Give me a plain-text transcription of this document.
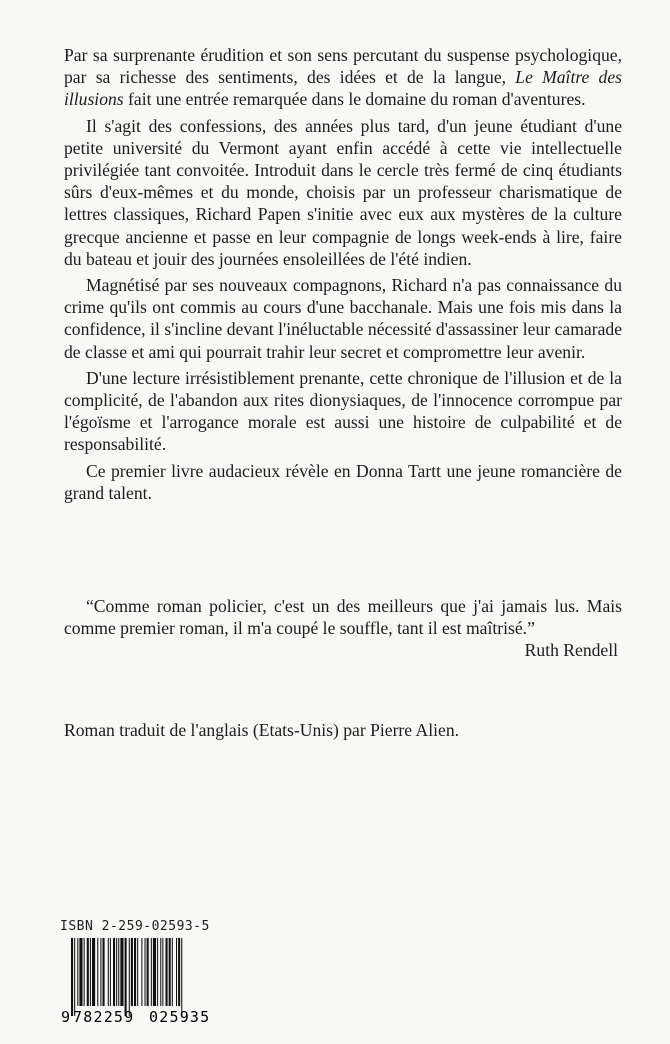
Par sa surprenante érudition et son sens percutant du suspense psychologique, par sa richesse des sentiments, des idées et de la langue, Le Maître des illusions fait une entrée remarquée dans le domaine du roman d'aventures.

Il s'agit des confessions, des années plus tard, d'un jeune étudiant d'une petite université du Vermont ayant enfin accédé à cette vie intellectuelle privilégiée tant convoitée. Introduit dans le cercle très fermé de cinq étudiants sûrs d'eux-mêmes et du monde, choisis par un professeur charismatique de lettres classiques, Richard Papen s'initie avec eux aux mystères de la culture grecque ancienne et passe en leur compagnie de longs week-ends à lire, faire du bateau et jouir des journées ensoleillées de l'été indien.

Magnétisé par ses nouveaux compagnons, Richard n'a pas connaissance du crime qu'ils ont commis au cours d'une bacchanale. Mais une fois mis dans la confidence, il s'incline devant l'inéluctable nécessité d'assassiner leur camarade de classe et ami qui pourrait trahir leur secret et compromettre leur avenir.

D'une lecture irrésistiblement prenante, cette chronique de l'illusion et de la complicité, de l'abandon aux rites dionysiaques, de l'innocence corrompue par l'égoïsme et l'arrogance morale est aussi une histoire de culpabilité et de responsabilité.

Ce premier livre audacieux révèle en Donna Tartt une jeune romancière de grand talent.

“Comme roman policier, c'est un des meilleurs que j'ai jamais lus. Mais comme premier roman, il m'a coupé le souffle, tant il est maîtrisé.”

Ruth Rendell

Roman traduit de l'anglais (Etats-Unis) par Pierre Alien.
ISBN 2-259-02593-5
9 782259 025935
